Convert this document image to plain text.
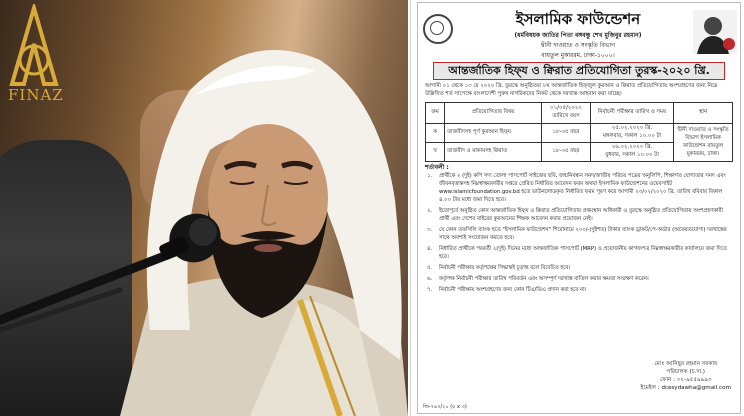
FINAZ
ইসলামিক ফাউন্ডেশন
(ধর্মবিষয়ক জাতির পিতা বঙ্গবন্ধু শেখ মুজিবুর রহমান)
দ্বীনী দাওয়াত ও সংস্কৃতি বিভাগ
বায়তুল মুকাররম, ঢাকা-১০০০।
আন্তর্জাতিক হিফ্‌য ও ক্বিরাত প্রতিযোগিতা তুরস্ক-২০২০ খ্রি.
আগামী ০১ থেকে ১৩ মে ২০২০ খ্রি. তুরস্কে অনুষ্ঠিতব্য ৮ম আন্তর্জাতিক হিফ্‌জুল কুরআন ও ক্বিরাত প্রতিযোগিতায় অংশগ্রহণের জন্য নিম্নে উল্লিখিত শর্ত সাপেক্ষে বাংলাদেশী পুরুষ নাগরিকদের নিকট থেকে দরখাস্ত আহবান করা যাচ্ছে।
ক্রম	প্রতিযোগিতার বিষয়	০১/০৫/২০২০ তারিখে বয়স	নির্বাচনী পরীক্ষার তারিখ ও সময়	স্থান
ক	তাজবীদসহ পূর্ণ কুরআন হিফ্‌য	১৮-৩৫ বছর	২৫.০২.২০২০ খ্রি.
মঙ্গলবার, সকাল ১০.০০ টা	দ্বীনী দাওয়াত ও সংস্কৃতি বিভাগ ইসলামিক ফাউন্ডেশন বায়তুল মুকাররম, ঢাকা।
খ	তাজবীদ ও মাকামসহ ক্বিরাত	১৮-৩৫ বছর	২৬.০২.২০২০ খ্রি.
বুধবার, সকাল ১০.০০ টা	
শর্তাবলী :
১. প্রার্থীকে ২ (দুই) কপি সদ্য তোলা পাসপোর্ট সাইজের ছবি, জন্মনিবন্ধন সনদ/জাতীয় পরিচয় পত্রের অনুলিপি, শিক্ষাগত যোগ্যতার সনদ এবং জীবনবৃত্তান্তসহ নিম্নস্বাক্ষরকারীর দপ্তরে প্রেরিত নির্ধারিত আবেদন ফরম অথবা ইসলামিক ফাউন্ডেশনের ওয়েবসাইট www.islamicfoundation.gov.bd হতে ডাউনলোডকৃত নির্ধারিত ফরম পূরণ করে আগামী ২৩/০২/২০২০ খ্রি. তারিখ রবিবার বিকাল ৪.০০ টার মধ্যে জমা দিতে হবে।
২. ইতোপূর্বে অনুষ্ঠিত কোন আন্তর্জাতিক হিফ্‌য ও ক্বিরাত প্রতিযোগিতায় প্রথমস্থান অধিকারী ও তুরস্কে অনুষ্ঠিত প্রতিযোগিতায় অংশগ্রহণকারী প্রার্থী এবং দেশের বাইরের কুরআনের শিক্ষক আবেদন করার প্রয়োজন নেই।
৩. যে কোন তফসিলি ব্যাংক হতে "ইসলামিক ফাউন্ডেশন" শিরোনামে ২০০/-(দুইশত) টাকার ব্যাংক ড্রাফট/পে-অর্ডার (অফেরতযোগ্য) দরখাস্তের সাথে অবশ্যই সংযোজন করতে হবে।
৪. নির্ধারিত প্রার্থীকে পরবর্তী ২(দুই) দিনের মধ্যে আন্তর্জাতিক পাসপোর্ট (MRP) ও প্রয়োজনীয় কাগজপত্র নিম্নস্বাক্ষরকারীর কার্যালয়ে জমা দিতে হবে।
৫. নির্বাচনী পরীক্ষার কর্তৃপক্ষের সিদ্ধান্তই চূড়ান্ত বলে বিবেচিত হবে।
৬. কর্তৃপক্ষ নির্বাচনী পরীক্ষার তারিখ পরিবর্তন এবং অসম্পূর্ণ দরখাস্ত বাতিল করার ক্ষমতা সংরক্ষণ করেন।
৭. নির্বাচনী পরীক্ষায় অংশগ্রহণের জন্য কোন টিএ/ডিএ প্রদান করা হবে না।
মোঃ আনিছুর রহমান সরকার
পরিচালক (চ.দা.)
ফোন : ০২-৯৫৫৯৯৯৩
ইমেইল : dcesydawha@gmail.com
জি-৭৯৭/২০ (৫ x ৩)
